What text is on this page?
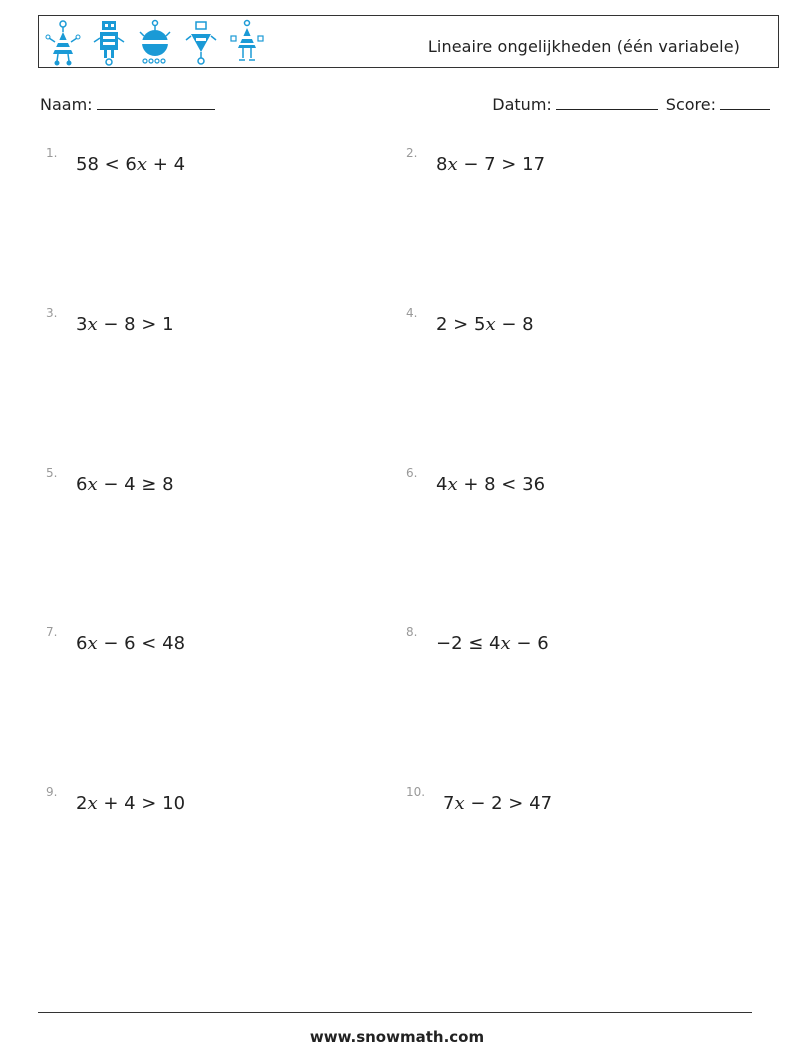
Lineaire ongelijkheden (één variabele)
Naam:	Datum:	Score:
1.
58 < 6x + 4
2.
8x − 7 > 17
3.
3x − 8 > 1
4.
2 > 5x − 8
5.
6x − 4 ≥ 8
6.
4x + 8 < 36
7.
6x − 6 < 48
8.
−2 ≤ 4x − 6
9.
2x + 4 > 10
10.
7x − 2 > 47
www.snowmath.com
